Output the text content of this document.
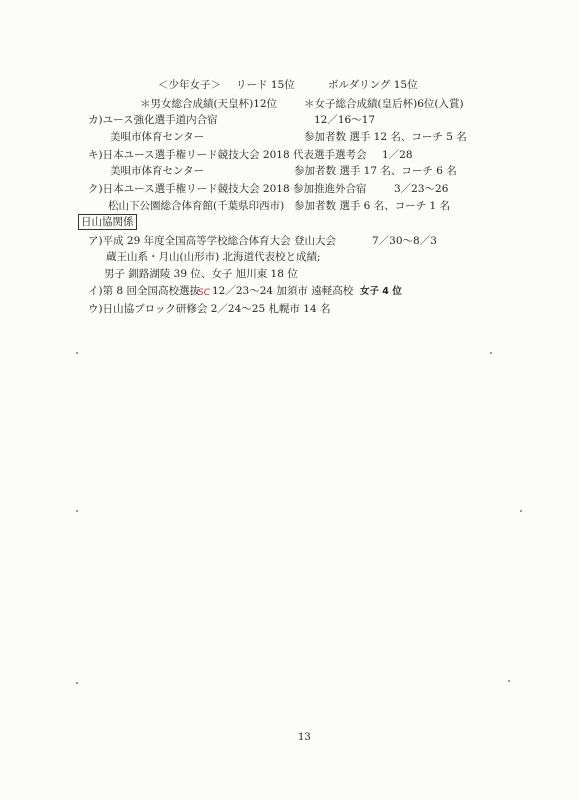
＜少年女子＞ リード 15位	ボルダリング 15位
＊男女総合成績(天皇杯)12位	＊女子総合成績(皇后杯)6位(入賞)
カ)ユース強化選手道内合宿	12／16～17
美唄市体育センター	参加者数 選手 12 名、コーチ 5 名
キ)日本ユース選手権リード競技大会 2018 代表選手選考会 1／28
美唄市体育センター	参加者数 選手 17 名、コーチ 6 名
ク)日本ユース選手権リード競技大会 2018 参加推進外合宿	3／23～26
松山下公園総合体育館(千葉県印西市) 参加者数 選手 6 名、コーチ 1 名
日山協関係
ア)平成 29 年度全国高等学校総合体育大会 登山大会	7／30～8／3
蔵王山系・月山(山形市) 北海道代表校と成績;
男子 釧路湖陵 39 位、女子 旭川東 18 位
イ)第 8 回全国高校選抜
SC 12／23～24 加須市 遠軽高校 女子 4 位
ウ)日山協ブロック研修会 2／24～25 札幌市 14 名
13
